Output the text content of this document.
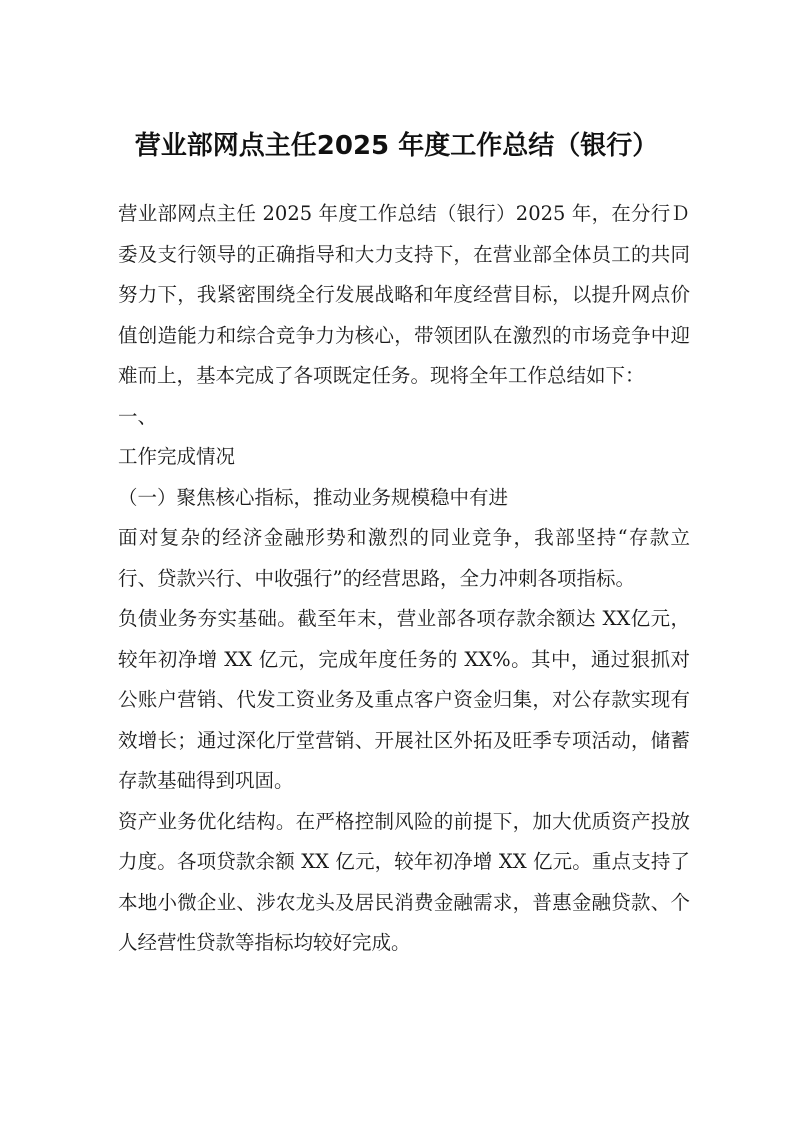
营业部网点主任2025 年度工作总结（银行）

营业部网点主任 2025 年度工作总结（银行）2025 年，在分行Ｄ委及支行领导的正确指导和大力支持下，在营业部全体员工的共同努力下，我紧密围绕全行发展战略和年度经营目标，以提升网点价值创造能力和综合竞争力为核心，带领团队在激烈的市场竞争中迎难而上，基本完成了各项既定任务。现将全年工作总结如下：

一、

工作完成情况

（一）聚焦核心指标，推动业务规模稳中有进

面对复杂的经济金融形势和激烈的同业竞争，我部坚持“存款立行、贷款兴行、中收强行”的经营思路，全力冲刺各项指标。

负债业务夯实基础。截至年末，营业部各项存款余额达 XX亿元，较年初净增 XX 亿元，完成年度任务的 XX%。其中，通过狠抓对公账户营销、代发工资业务及重点客户资金归集，对公存款实现有效增长；通过深化厅堂营销、开展社区外拓及旺季专项活动，储蓄存款基础得到巩固。

资产业务优化结构。在严格控制风险的前提下，加大优质资产投放力度。各项贷款余额 XX 亿元，较年初净增 XX 亿元。重点支持了本地小微企业、涉农龙头及居民消费金融需求，普惠金融贷款、个人经营性贷款等指标均较好完成。
